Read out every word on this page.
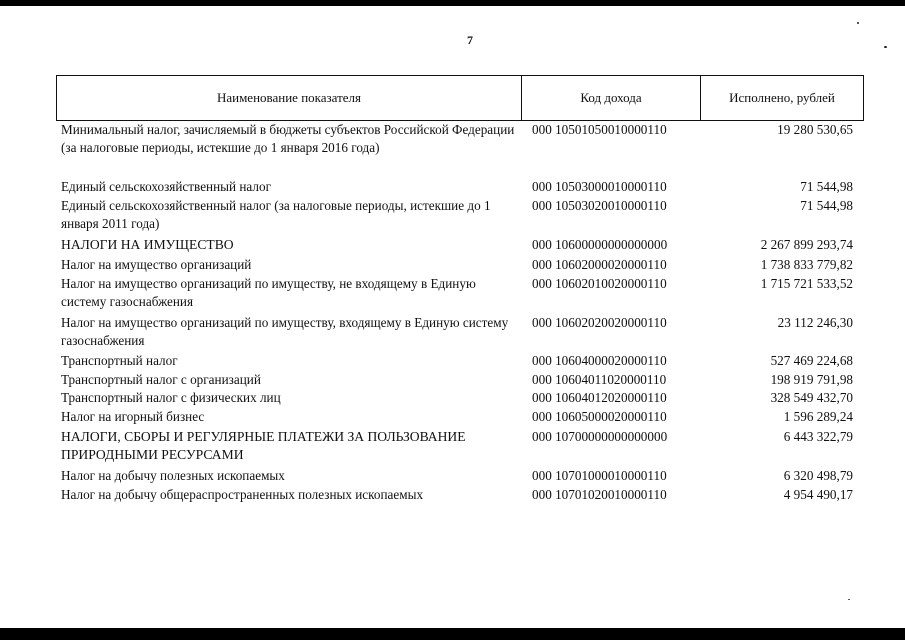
7
Наименование показателя	Код дохода	Исполнено, рублей
Минимальный налог, зачисляемый в бюджеты субъектов Российской Федерации (за налоговые периоды, истекшие до 1 января 2016 года)
000 10501050010000110	19 280 530,65
Единый сельскохозяйственный налог	000 10503000010000110	71 544,98
Единый сельскохозяйственный налог (за налоговые периоды, истекшие до 1 января 2011 года)
000 10503020010000110	71 544,98
НАЛОГИ НА ИМУЩЕСТВО	000 10600000000000000	2 267 899 293,74
Налог на имущество организаций	000 10602000020000110	1 738 833 779,82
Налог на имущество организаций по имуществу, не входящему в Единую систему газоснабжения
000 10602010020000110	1 715 721 533,52
Налог на имущество организаций по имуществу, входящему в Единую систему газоснабжения
000 10602020020000110	23 112 246,30
Транспортный налог	000 10604000020000110	527 469 224,68
Транспортный налог с организаций	000 10604011020000110	198 919 791,98
Транспортный налог с физических лиц	000 10604012020000110	328 549 432,70
Налог на игорный бизнес	000 10605000020000110	1 596 289,24
НАЛОГИ, СБОРЫ И РЕГУЛЯРНЫЕ ПЛАТЕЖИ ЗА ПОЛЬЗОВАНИЕ ПРИРОДНЫМИ РЕСУРСАМИ
000 10700000000000000	6 443 322,79
Налог на добычу полезных ископаемых	000 10701000010000110	6 320 498,79
Налог на добычу общераспространенных полезных ископаемых	000 10701020010000110	4 954 490,17
